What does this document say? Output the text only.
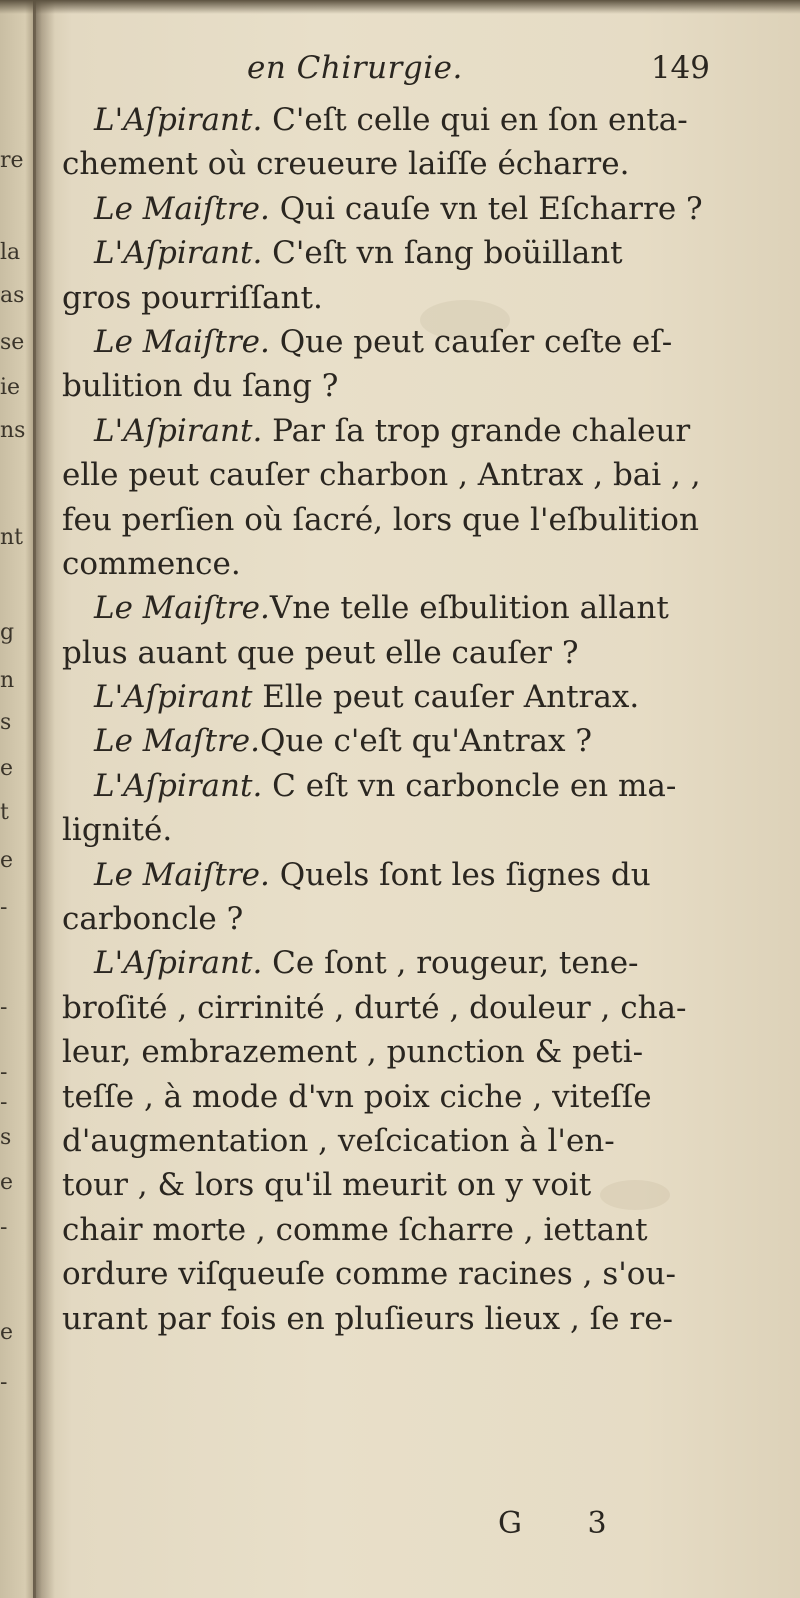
re
la
as
se
ie
ns
nt
g
n
s
e
t
e
-
-
-
-
s
e
-
e
-
en Chirurgie.	149
L'Aſpirant. C'eſt celle qui en ſon enta-
chement où creueure laiſſe écharre.
Le Maiſtre. Qui cauſe vn tel Eſcharre ?
L'Aſpirant. C'eſt vn ſang boüillant
gros pourriſſant.
Le Maiſtre. Que peut cauſer ceſte eſ-
bulition du ſang ?
L'Aſpirant. Par ſa trop grande chaleur
elle peut cauſer charbon , Antrax , bai , ,
feu perſien où ſacré, lors que l'eſbulition
commence.
Le Maiſtre.Vne telle eſbulition allant
plus auant que peut elle cauſer ?
L'Aſpirant Elle peut cauſer Antrax.
Le Maſtre.Que c'eſt qu'Antrax ?
L'Aſpirant. C eſt vn carboncle en ma-
lignité.
Le Maiſtre. Quels ſont les ſignes du
carboncle ?
L'Aſpirant. Ce ſont , rougeur, tene-
broſité , cirrinité , durté , douleur , cha-
leur, embrazement , punction & peti-
teſſe , à mode d'vn poix ciche , viteſſe
d'augmentation , veſcication à l'en-
tour , & lors qu'il meurit on y voit
chair morte , comme ſcharre , iettant
ordure viſqueuſe comme racines , s'ou-
urant par fois en pluſieurs lieux , ſe re-
G 3
